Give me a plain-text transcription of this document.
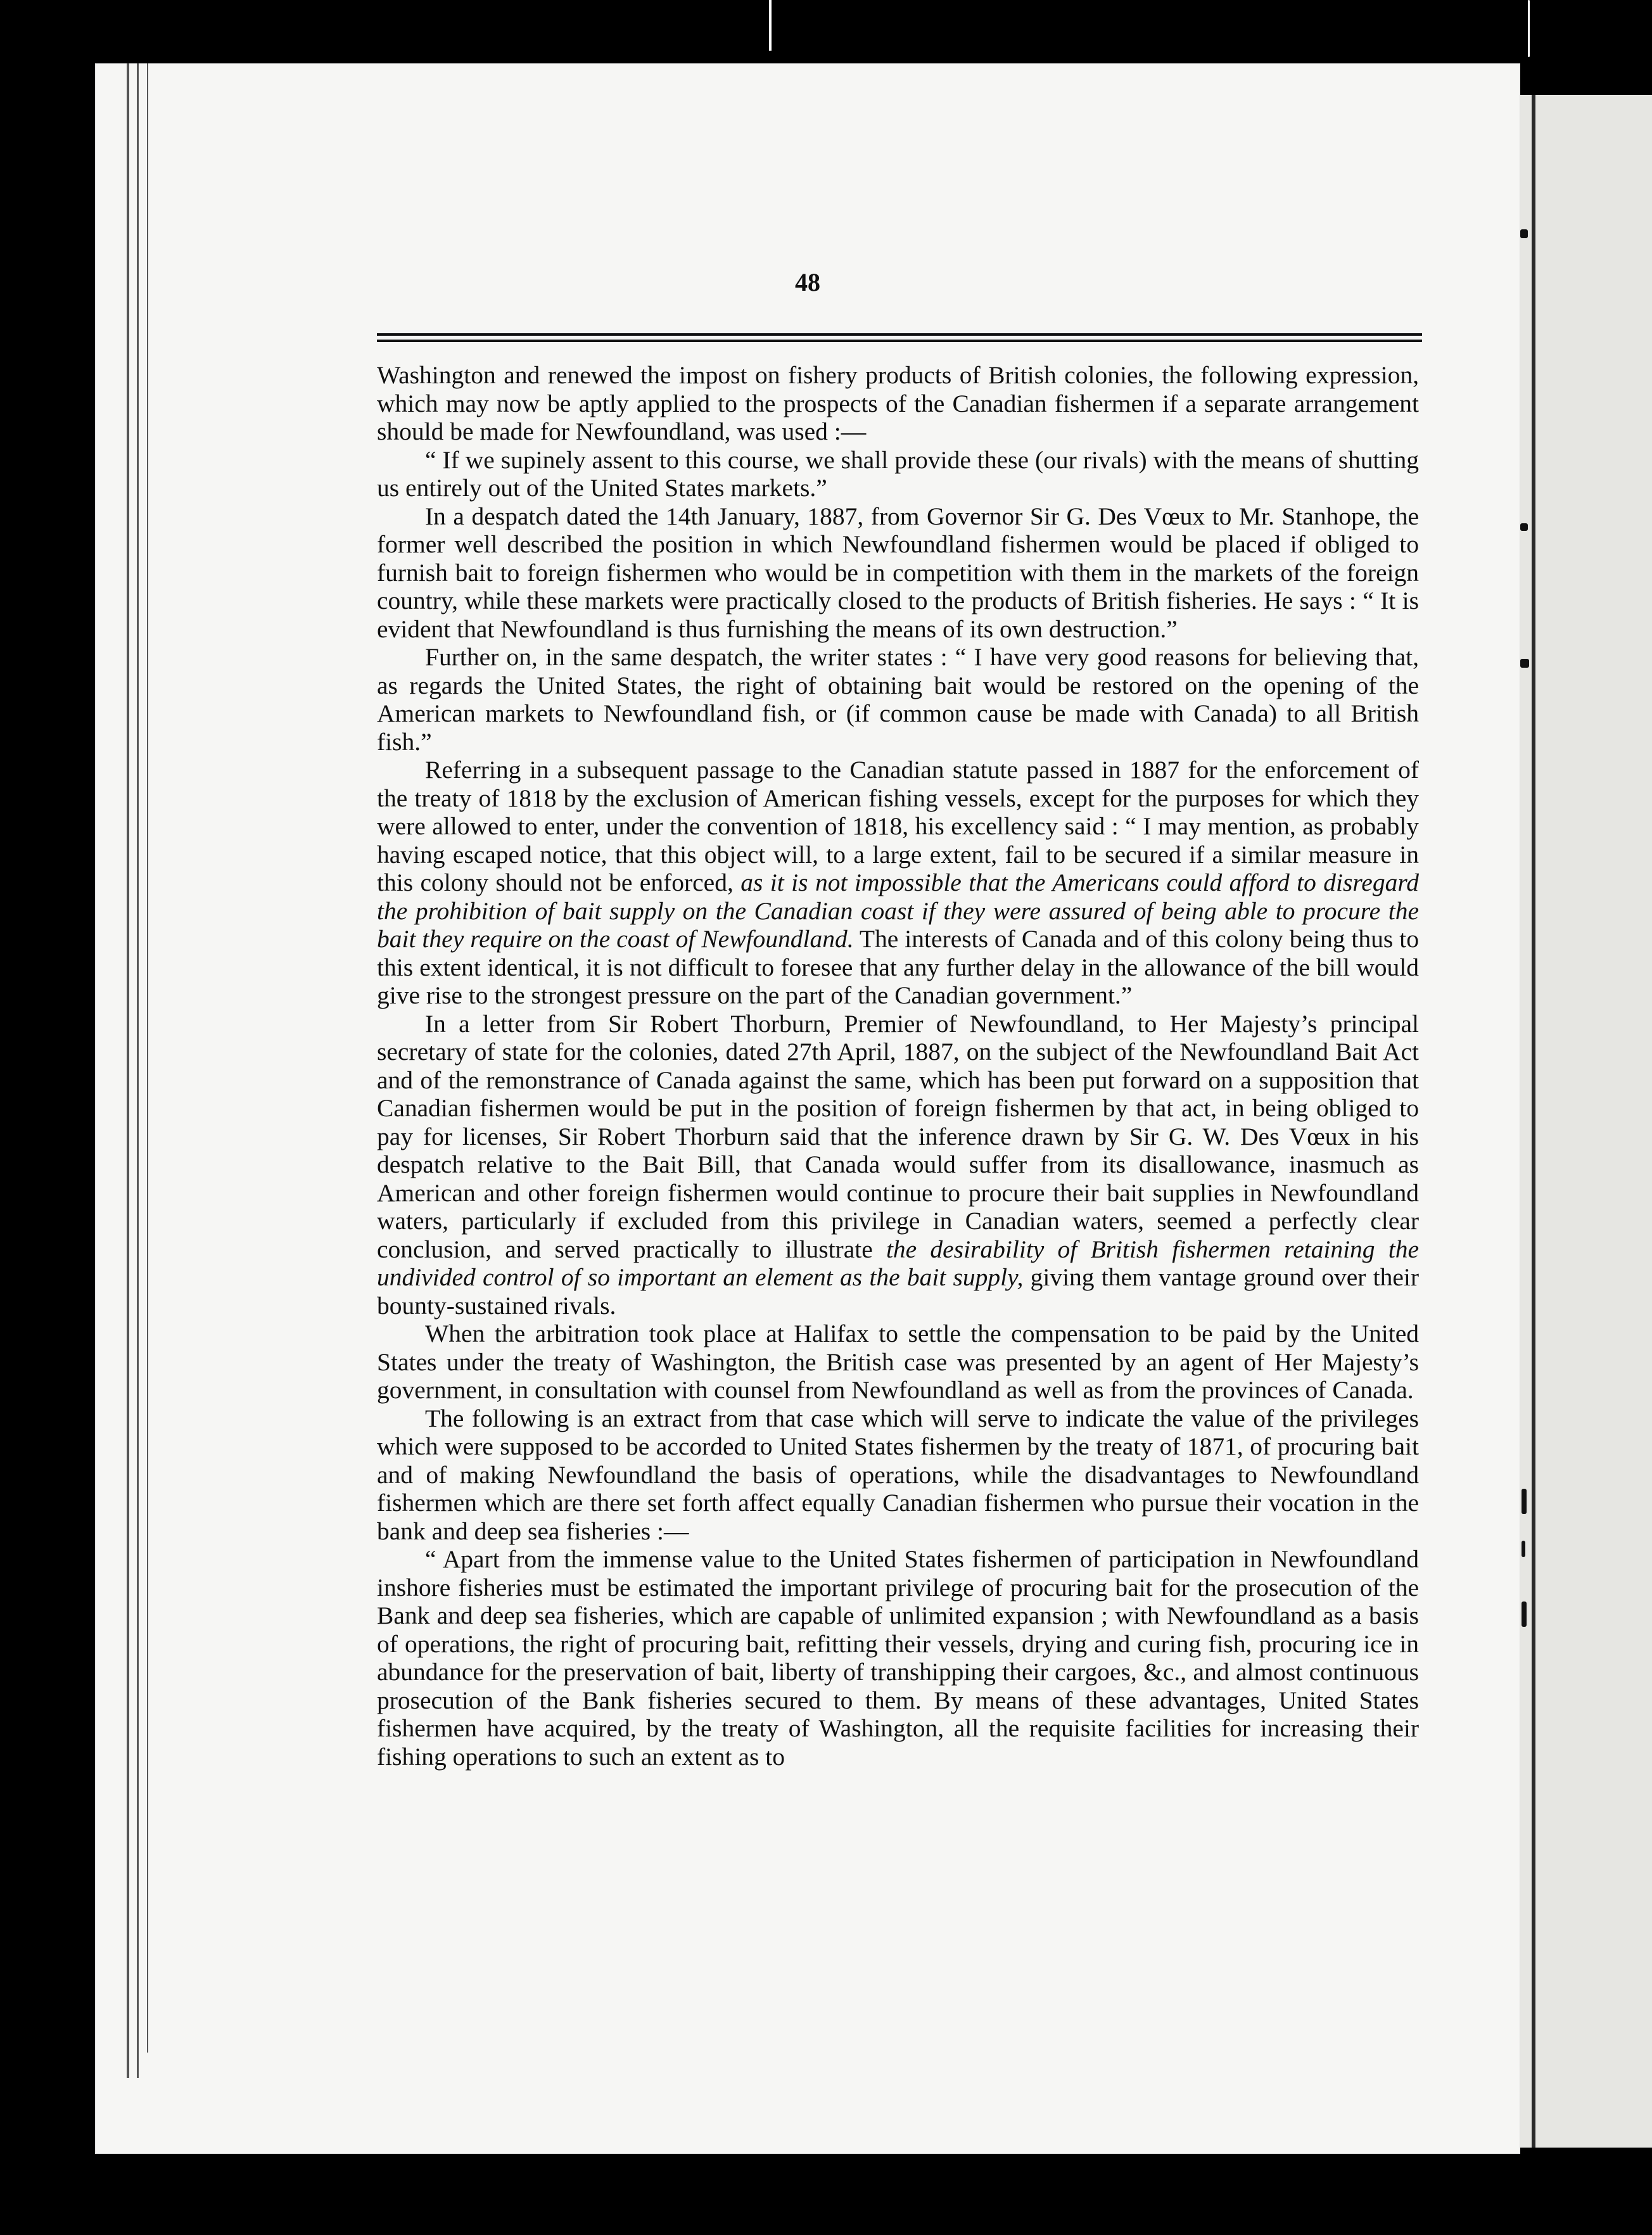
48

Washington and renewed the impost on fishery products of British colonies, the following expression, which may now be aptly applied to the prospects of the Canadian fishermen if a separate arrangement should be made for Newfoundland, was used :—

“ If we supinely assent to this course, we shall provide these (our rivals) with the means of shutting us entirely out of the United States markets.”

In a despatch dated the 14th January, 1887, from Governor Sir G. Des Vœux to Mr. Stanhope, the former well described the position in which Newfoundland fishermen would be placed if obliged to furnish bait to foreign fishermen who would be in competition with them in the markets of the foreign country, while these markets were practically closed to the products of British fisheries. He says : “ It is evident that Newfoundland is thus furnishing the means of its own destruction.”

Further on, in the same despatch, the writer states : “ I have very good reasons for believing that, as regards the United States, the right of obtaining bait would be restored on the opening of the American markets to Newfoundland fish, or (if common cause be made with Canada) to all British fish.”

Referring in a subsequent passage to the Canadian statute passed in 1887 for the enforcement of the treaty of 1818 by the exclusion of American fishing vessels, except for the purposes for which they were allowed to enter, under the convention of 1818, his excellency said : “ I may mention, as probably having escaped notice, that this object will, to a large extent, fail to be secured if a similar measure in this colony should not be enforced, as it is not impossible that the Americans could afford to disregard the prohibition of bait supply on the Canadian coast if they were assured of being able to procure the bait they require on the coast of Newfoundland. The interests of Canada and of this colony being thus to this extent identical, it is not difficult to foresee that any further delay in the allowance of the bill would give rise to the strongest pressure on the part of the Canadian government.”

In a letter from Sir Robert Thorburn, Premier of Newfoundland, to Her Majesty’s principal secretary of state for the colonies, dated 27th April, 1887, on the subject of the Newfoundland Bait Act and of the remonstrance of Canada against the same, which has been put forward on a supposition that Canadian fishermen would be put in the position of foreign fishermen by that act, in being obliged to pay for licenses, Sir Robert Thorburn said that the inference drawn by Sir G. W. Des Vœux in his despatch relative to the Bait Bill, that Canada would suffer from its disallowance, inasmuch as American and other foreign fishermen would continue to procure their bait supplies in Newfoundland waters, particularly if excluded from this privilege in Canadian waters, seemed a perfectly clear conclusion, and served practically to illustrate the desirability of British fishermen retaining the undivided control of so important an element as the bait supply, giving them vantage ground over their bounty-sustained rivals.

When the arbitration took place at Halifax to settle the compensation to be paid by the United States under the treaty of Washington, the British case was presented by an agent of Her Majesty’s government, in consultation with counsel from Newfoundland as well as from the provinces of Canada.

The following is an extract from that case which will serve to indicate the value of the privileges which were supposed to be accorded to United States fishermen by the treaty of 1871, of procuring bait and of making Newfoundland the basis of operations, while the disadvantages to Newfoundland fishermen which are there set forth affect equally Canadian fishermen who pursue their vocation in the bank and deep sea fisheries :—

“ Apart from the immense value to the United States fishermen of participation in Newfoundland inshore fisheries must be estimated the important privilege of procuring bait for the prosecution of the Bank and deep sea fisheries, which are capable of unlimited expansion ; with Newfoundland as a basis of operations, the right of procuring bait, refitting their vessels, drying and curing fish, procuring ice in abundance for the preservation of bait, liberty of transhipping their cargoes, &c., and almost continuous prosecution of the Bank fisheries secured to them. By means of these advantages, United States fishermen have acquired, by the treaty of Washington, all the requisite facilities for increasing their fishing operations to such an extent as to
